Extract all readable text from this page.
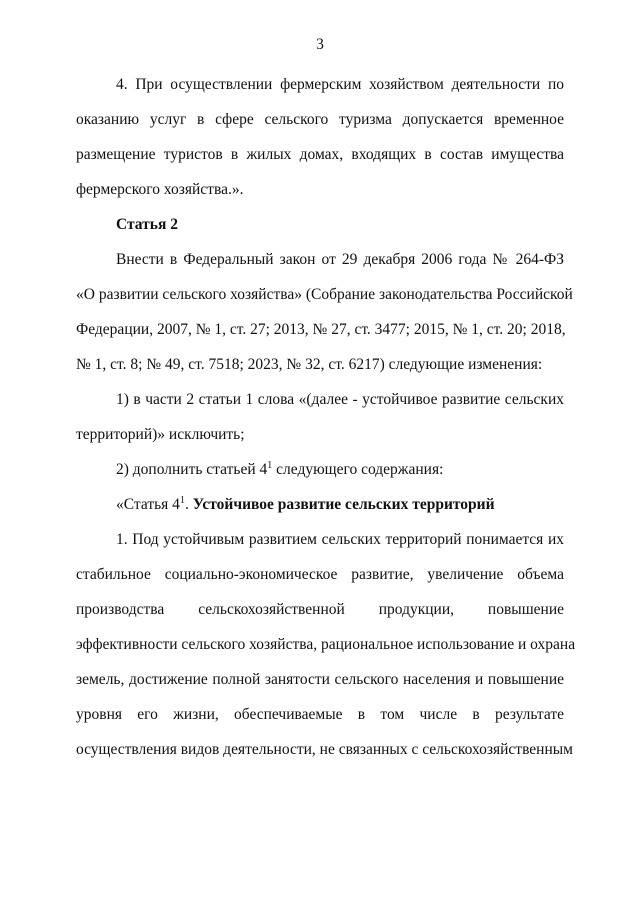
3
4. При осуществлении фермерским хозяйством деятельности по
оказанию услуг в сфере сельского туризма допускается временное
размещение туристов в жилых домах, входящих в состав имущества
фермерского хозяйства.».
Статья 2
Внести в Федеральный закон от 29 декабря 2006 года № 264-ФЗ
«О развитии сельского хозяйства» (Собрание законодательства Российской
Федерации, 2007, № 1, ст. 27; 2013, № 27, ст. 3477; 2015, № 1, ст. 20; 2018,
№ 1, ст. 8; № 49, ст. 7518; 2023, № 32, ст. 6217) следующие изменения:
1) в части 2 статьи 1 слова «(далее - устойчивое развитие сельских
территорий)» исключить;
2) дополнить статьей $4^1$ следующего содержания:
«Статья $4^1$. Устойчивое развитие сельских территорий
1. Под устойчивым развитием сельских территорий понимается их
стабильное социально-экономическое развитие, увеличение объема
производства сельскохозяйственной продукции, повышение
эффективности сельского хозяйства, рациональное использование и охрана
земель, достижение полной занятости сельского населения и повышение
уровня его жизни, обеспечиваемые в том числе в результате
осуществления видов деятельности, не связанных с сельскохозяйственным
